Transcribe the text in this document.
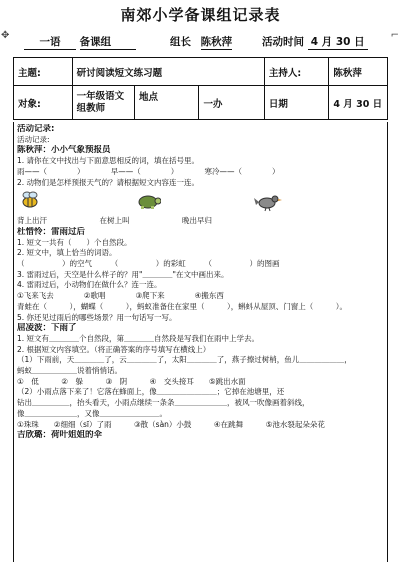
南郊小学备课组记录表
✥	⌐
一语 备课组	组长 陈秋萍	活动时间 4 月 30 日
主题:	研讨阅读短文练习题			主持人:	陈秋萍
对象:	一年级语文组教师	地点	一办	日期	4 月 30 日
活动记录:
活动记录:
陈秋萍：小小气象预报员
1. 请你在文中找出与下面意思相反的词，填在括号里。
雨——（　　　　）　　　　早——（　　　　）　　　　寒冷——（　　　　）
2. 动物们是怎样预报天气的？请根据短文内容连一连。
背上出汗　　　　　　　在树上叫　　　　　　　晚出早归
杜惜怜：雷雨过后
1. 短文一共有（　　）个自然段。
2. 短文中，填上恰当的词语。
（　　　　　）的空气　　　（　　　　　）的彩虹　　　（　　　　　）的图画
3. 雷雨过后，天空是什么样子的？用"＿＿＿＿"在文中画出来。
4. 雷雨过后，小动物们在做什么？连一连。
①飞来飞去　　　　②歌唱　　　　③爬下来　　　　④搬东西
青蛙在（　　　），蝴蝶（　　　），蚂蚁准备住在家里（　　　），蝌蚪从屋顶、门窗上（　　　）。
5. 你还见过雨后的哪些场景？用一句话写一写。
屈凌波：下雨了
1. 短文有＿＿＿＿个自然段，第＿＿＿＿自然段是写我们在雨中上学去。
2. 根据短文内容填空。（将正确答案的序号填写在横线上）
（1）下雨前，天＿＿＿＿了，云＿＿＿＿了，太阳＿＿＿＿了，燕子擦过树梢，鱼儿＿＿＿＿＿＿，
蚂蚁＿＿＿＿＿＿说着悄悄话。
①　低　　　②　躲　　　③　阴　　　④　交头接耳　　⑤跳出水面
（2）小雨点落下来了！它落在蜂面上，像＿＿＿＿＿＿＿＿；它掉在池塘里，还
钻出＿＿＿＿＿，抬头看天，小雨点继续一条条＿＿＿＿＿＿＿，被风一吹像画着斜线，
像＿＿＿＿＿＿＿，又像＿＿＿＿＿＿＿＿。
①珠珠　　②细细（sī）了雨　　　③散（sàn）小鼓　　　④在跳舞　　　⑤池水裂起朵朵花
吉欣璐：荷叶姐姐的伞
